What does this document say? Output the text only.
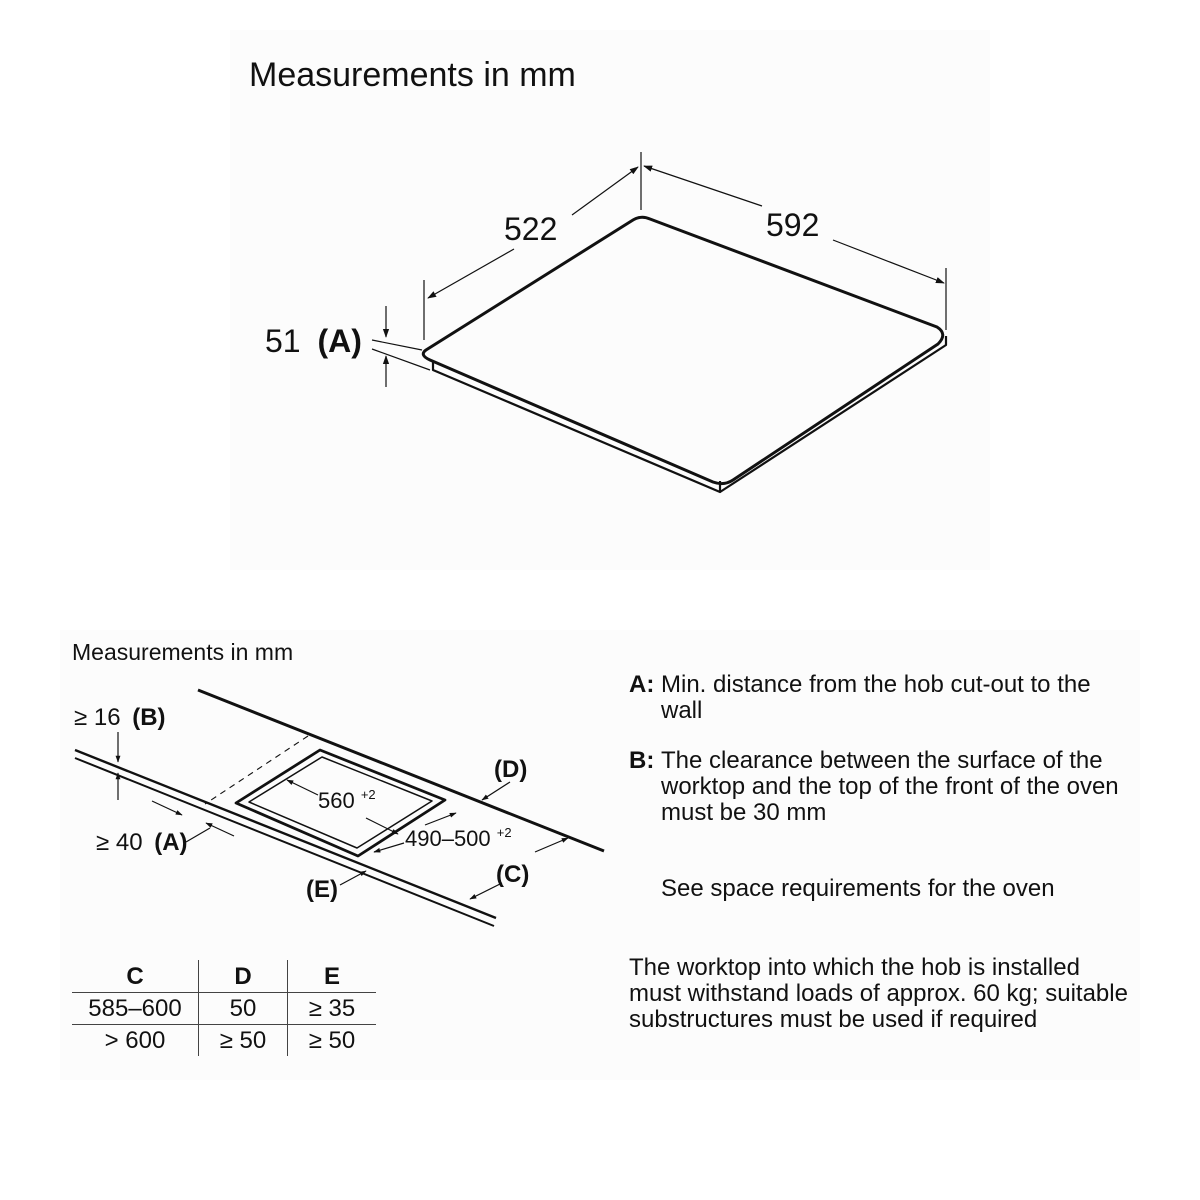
Measurements in mm
Measurements in mm
522	592
51 (A)
≥ 16 (B)
≥ 40 (A)
560 $^{+2}$
490–500 $^{+2}$
(D)
(C)
(E)
C	D	E
585–600	50	≥ 35
> 600	≥ 50	≥ 50
A: Min. distance from the hob cut-out to the wall
B: The clearance between the surface of the worktop and the top of the front of the oven must be 30 mm
See space requirements for the oven
The worktop into which the hob is installed must withstand loads of approx. 60 kg; suitable substructures must be used if required
